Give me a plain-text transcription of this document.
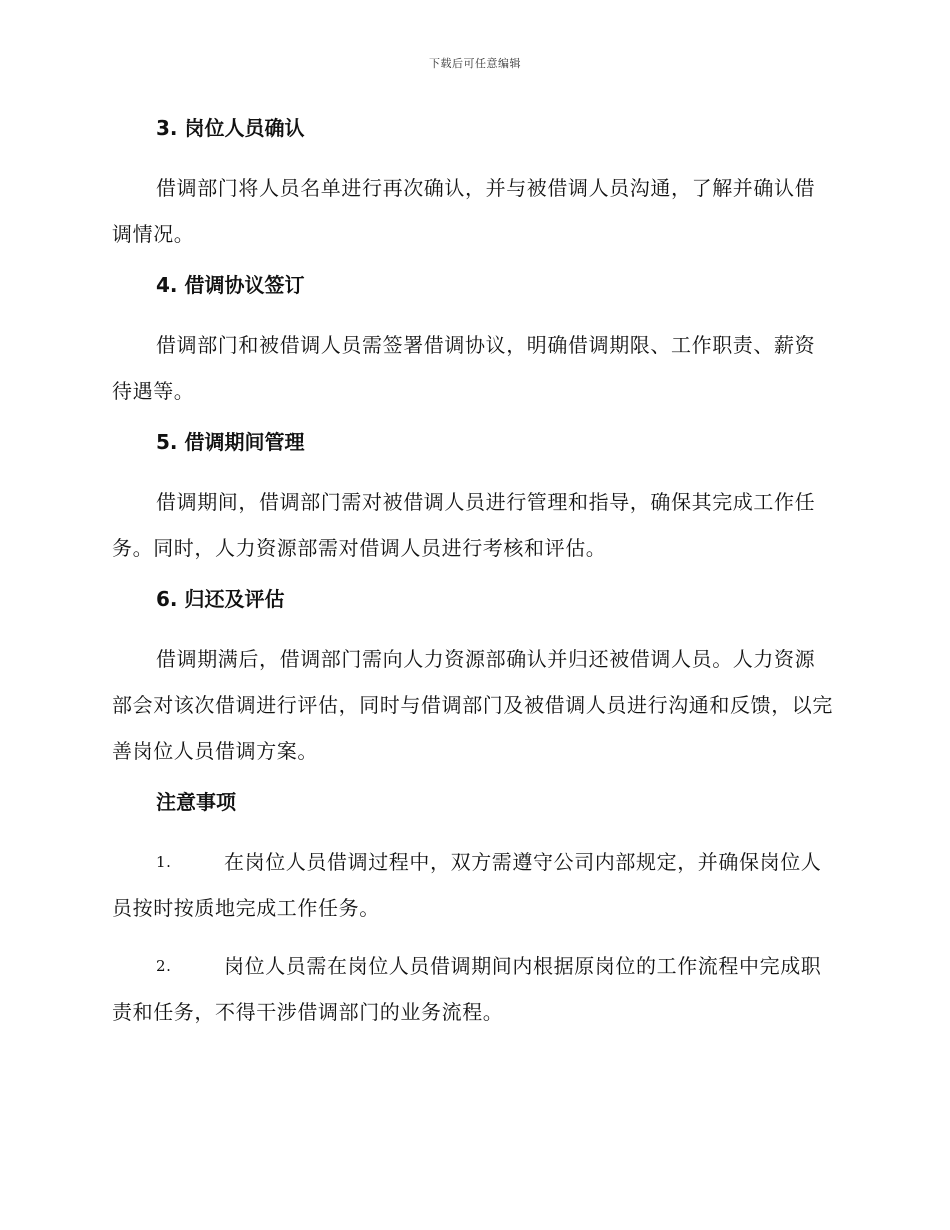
下载后可任意编辑
3. 岗位人员确认

借调部门将人员名单进行再次确认，并与被借调人员沟通，了解并确认借调情况。

4. 借调协议签订

借调部门和被借调人员需签署借调协议，明确借调期限、工作职责、薪资待遇等。

5. 借调期间管理

借调期间，借调部门需对被借调人员进行管理和指导，确保其完成工作任务。同时，人力资源部需对借调人员进行考核和评估。

6. 归还及评估

借调期满后，借调部门需向人力资源部确认并归还被借调人员。人力资源部会对该次借调进行评估，同时与借调部门及被借调人员进行沟通和反馈，以完善岗位人员借调方案。

注意事项

1.	在岗位人员借调过程中，双方需遵守公司内部规定，并确保岗位人员按时按质地完成工作任务。

2.	岗位人员需在岗位人员借调期间内根据原岗位的工作流程中完成职责和任务，不得干涉借调部门的业务流程。
